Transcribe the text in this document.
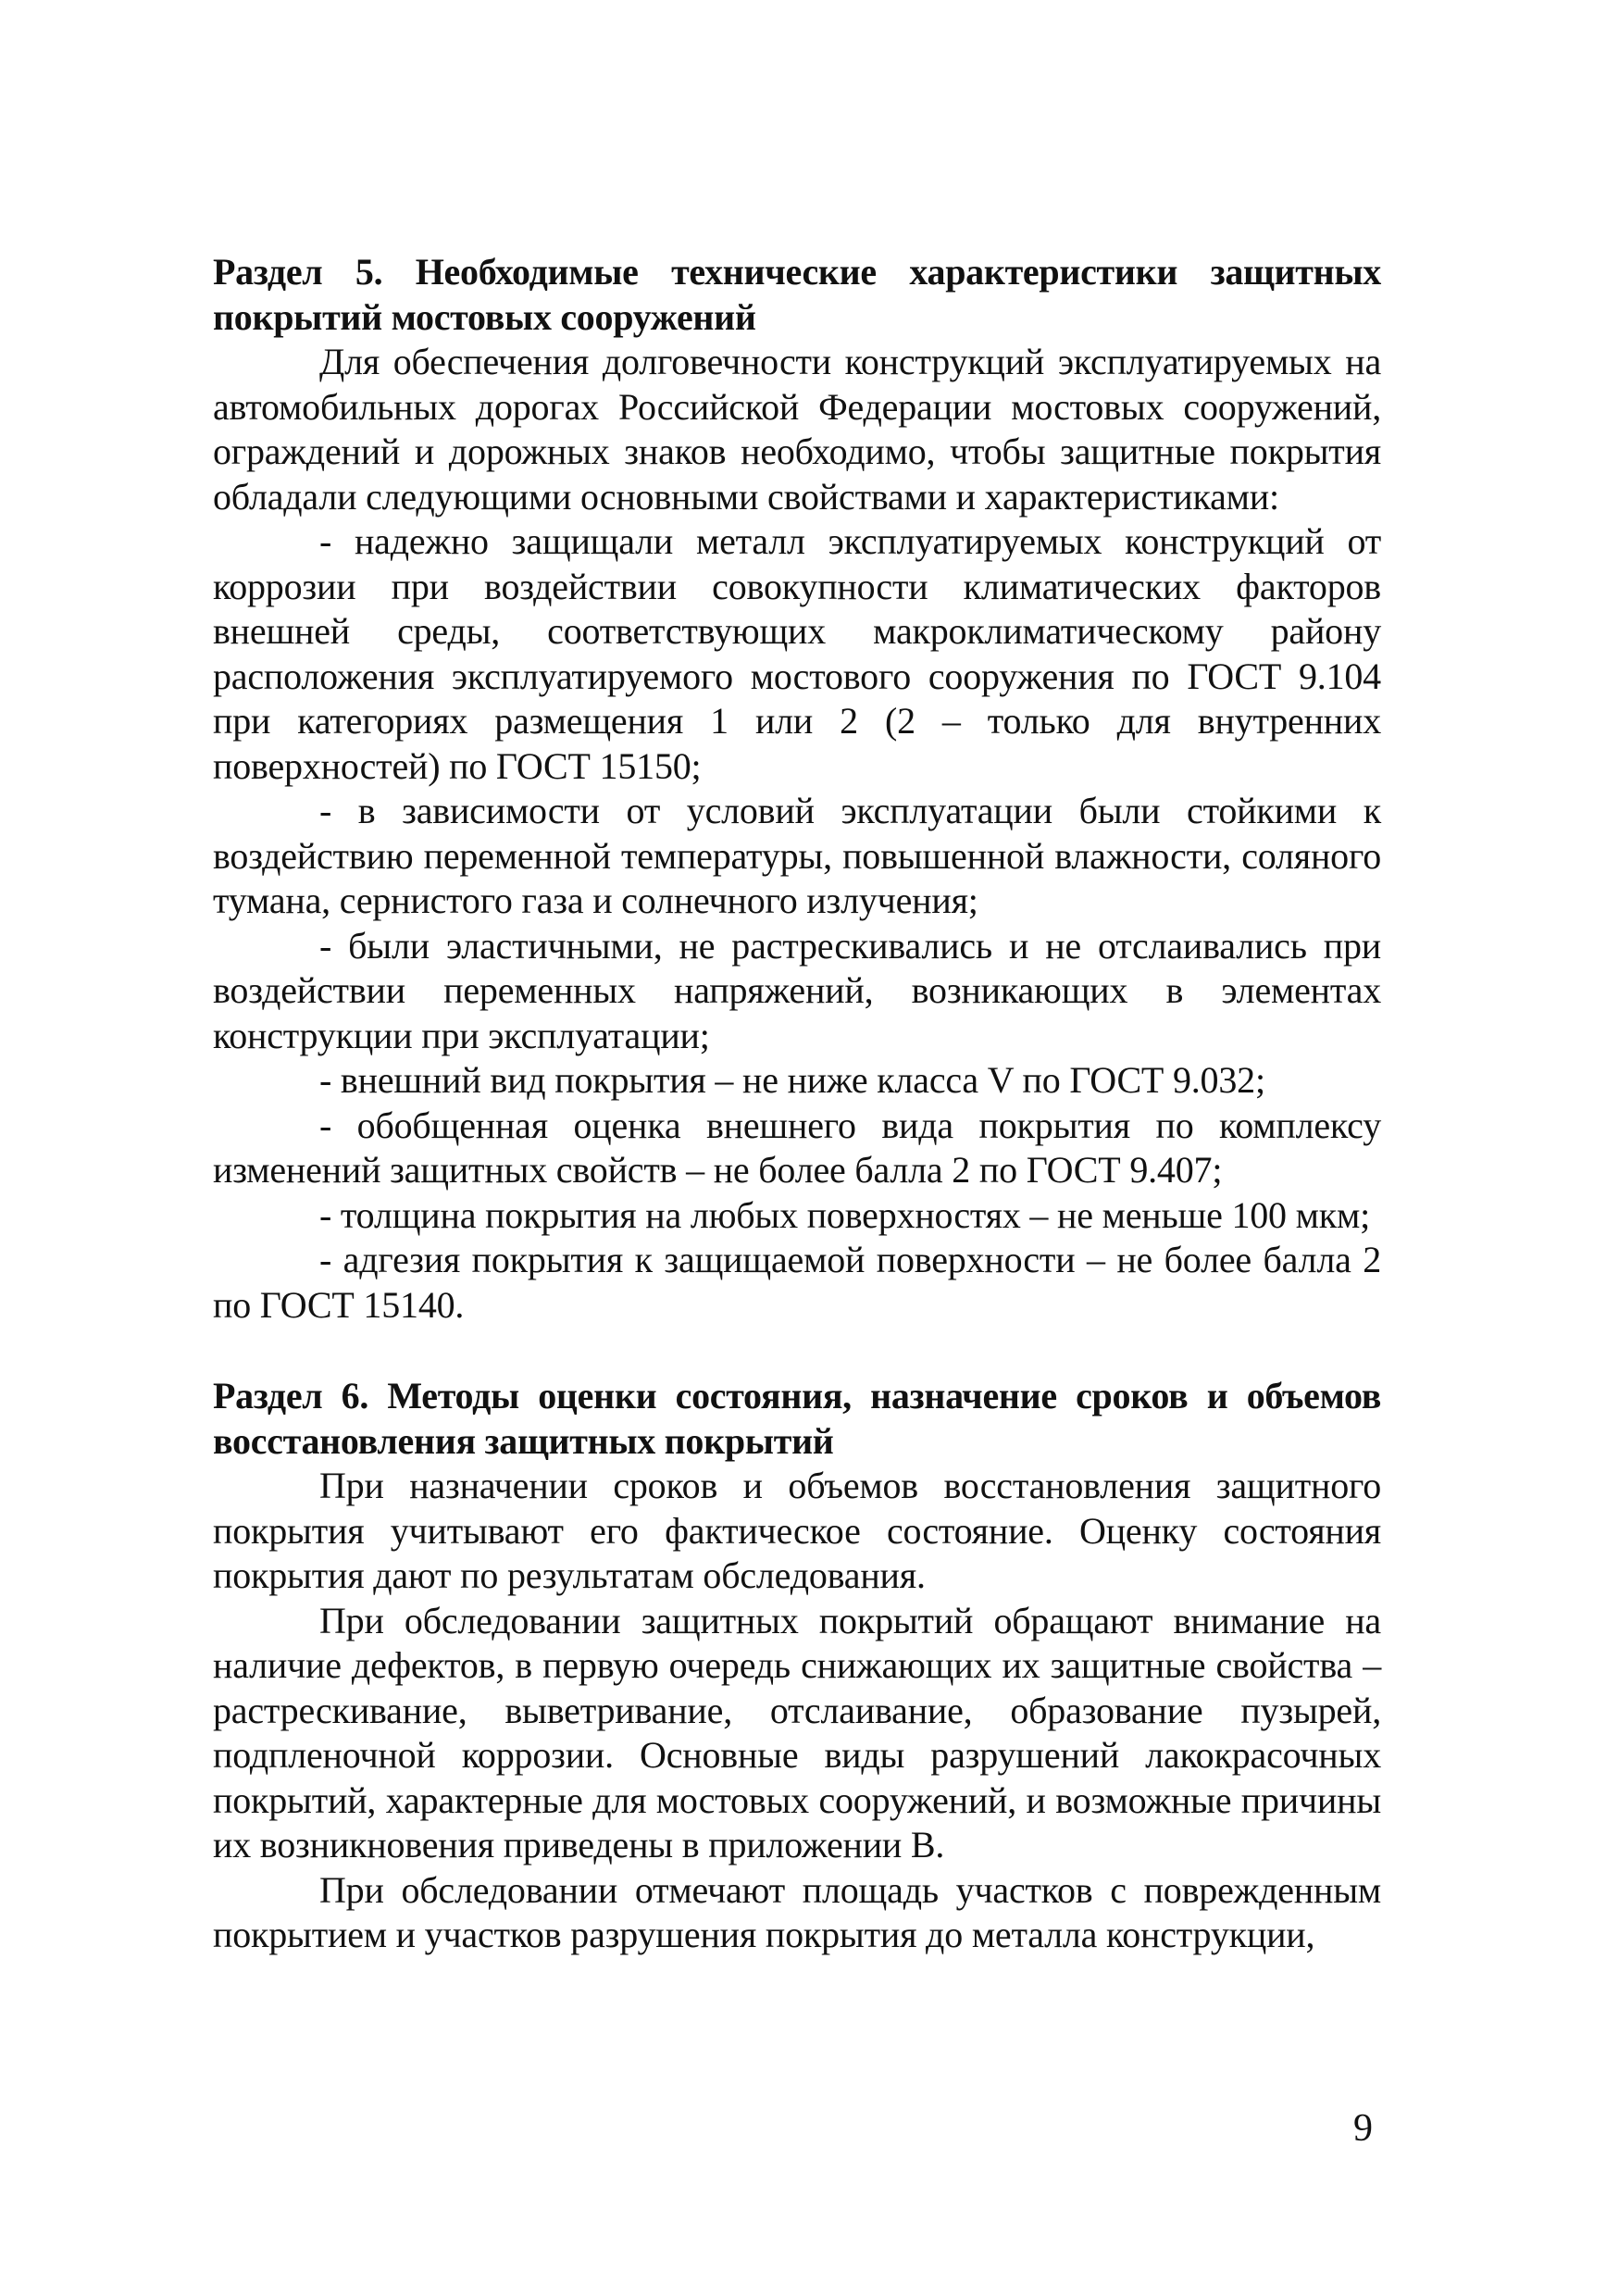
Раздел 5. Необходимые технические характеристики защитных покрытий мостовых сооружений

Для обеспечения долговечности конструкций эксплуатируемых на автомобильных дорогах Российской Федерации мостовых сооружений, ограждений и дорожных знаков необходимо, чтобы защитные покрытия обладали следующими основными свойствами и характеристиками:

- надежно защищали металл эксплуатируемых конструкций от коррозии при воздействии совокупности климатических факторов внешней среды, соответствующих макроклиматическому району расположения эксплуатируемого мостового сооружения по ГОСТ 9.104 при категориях размещения 1 или 2 (2 – только для внутренних поверхностей) по ГОСТ 15150;

- в зависимости от условий эксплуатации были стойкими к воздействию переменной температуры, повышенной влажности, соляного тумана, сернистого газа и солнечного излучения;

- были эластичными, не растрескивались и не отслаивались при воздействии переменных напряжений, возникающих в элементах конструкции при эксплуатации;

- внешний вид покрытия – не ниже класса V по ГОСТ 9.032;

- обобщенная оценка внешнего вида покрытия по комплексу изменений защитных свойств – не более балла 2 по ГОСТ 9.407;

- толщина покрытия на любых поверхностях – не меньше 100 мкм;

- адгезия покрытия к защищаемой поверхности – не более балла 2 по ГОСТ 15140.

Раздел 6. Методы оценки состояния, назначение сроков и объемов восстановления защитных покрытий

При назначении сроков и объемов восстановления защитного покрытия учитывают его фактическое состояние. Оценку состояния покрытия дают по результатам обследования.

При обследовании защитных покрытий обращают внимание на наличие дефектов, в первую очередь снижающих их защитные свойства – растрескивание, выветривание, отслаивание, образование пузырей, подпленочной коррозии. Основные виды разрушений лакокрасочных покрытий, характерные для мостовых сооружений, и возможные причины их возникновения приведены в приложении В.

При обследовании отмечают площадь участков с поврежденным покрытием и участков разрушения покрытия до металла конструкции,

9
